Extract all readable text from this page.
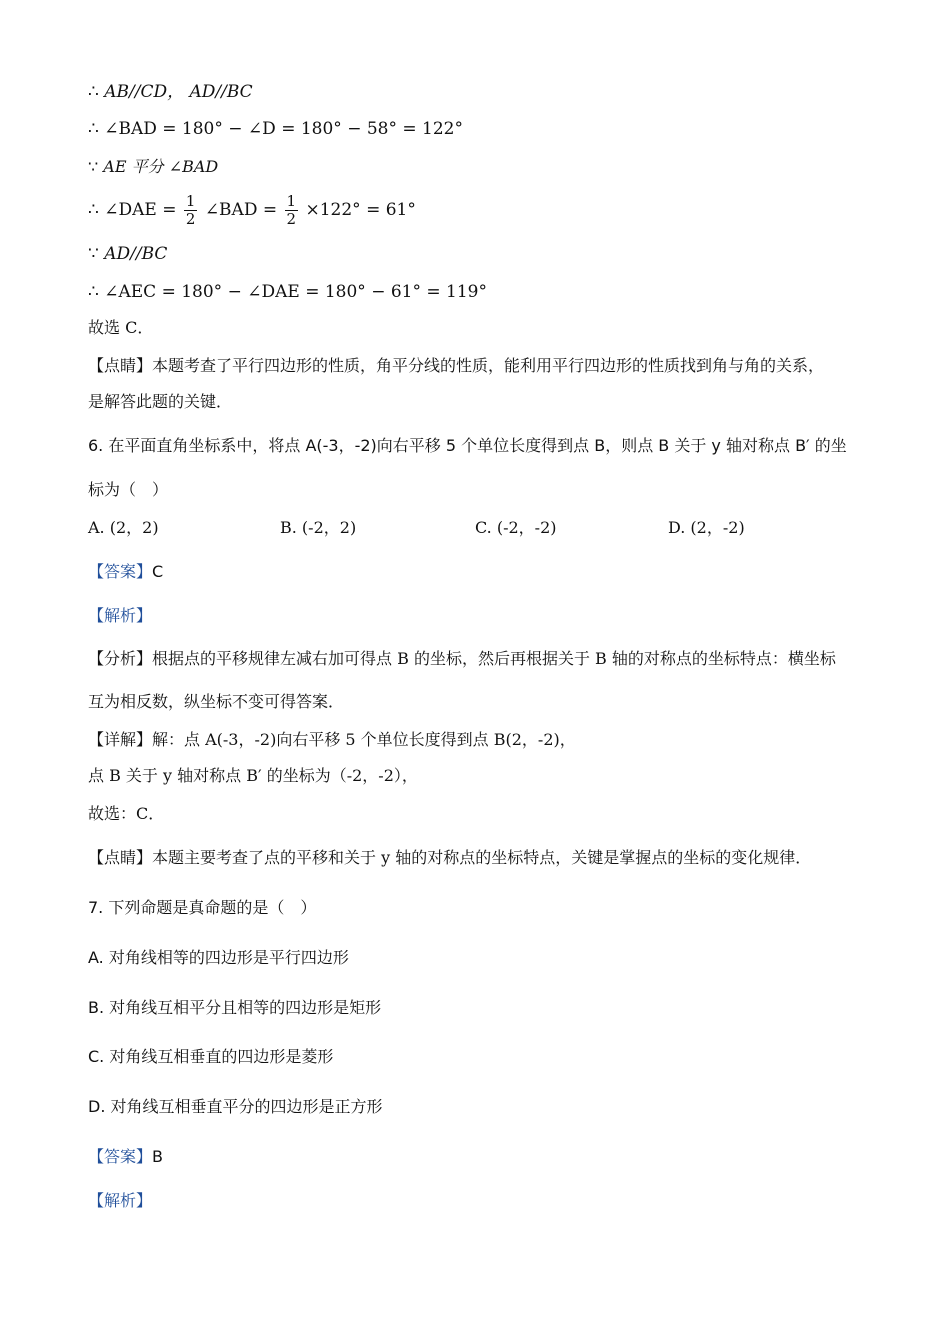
∴ AB//CD， AD//BC
∴ ∠BAD = 180° − ∠D = 180° − 58° = 122°
∵ AE 平分 ∠BAD
∴ ∠DAE = $\frac{1}{2}$ ∠BAD = $\frac{1}{2} \times 122^\circ = 61^\circ$
∵ AD//BC
∴ ∠AEC = 180° − ∠DAE = 180° − 61° = 119°
故选 C．
【点睛】本题考查了平行四边形的性质，角平分线的性质，能利用平行四边形的性质找到角与角的关系，
是解答此题的关键．
6. 在平面直角坐标系中，将点 A(-3，-2)向右平移 5 个单位长度得到点 B，则点 B 关于 y 轴对称点 B′ 的坐
标为（　）
A. (2，2)	B. (-2，2)	C. (-2，-2)	D. (2，-2)
【答案】C
【解析】
【分析】根据点的平移规律左减右加可得点 B 的坐标，然后再根据关于 B 轴的对称点的坐标特点：横坐标
互为相反数，纵坐标不变可得答案．
【详解】解：点 A(-3，-2)向右平移 5 个单位长度得到点 B(2，-2)，
点 B 关于 y 轴对称点 B′ 的坐标为（-2，-2），
故选：C．
【点睛】本题主要考查了点的平移和关于 y 轴的对称点的坐标特点，关键是掌握点的坐标的变化规律．
7. 下列命题是真命题的是（　）
A. 对角线相等的四边形是平行四边形
B. 对角线互相平分且相等的四边形是矩形
C. 对角线互相垂直的四边形是菱形
D. 对角线互相垂直平分的四边形是正方形
【答案】B
【解析】
